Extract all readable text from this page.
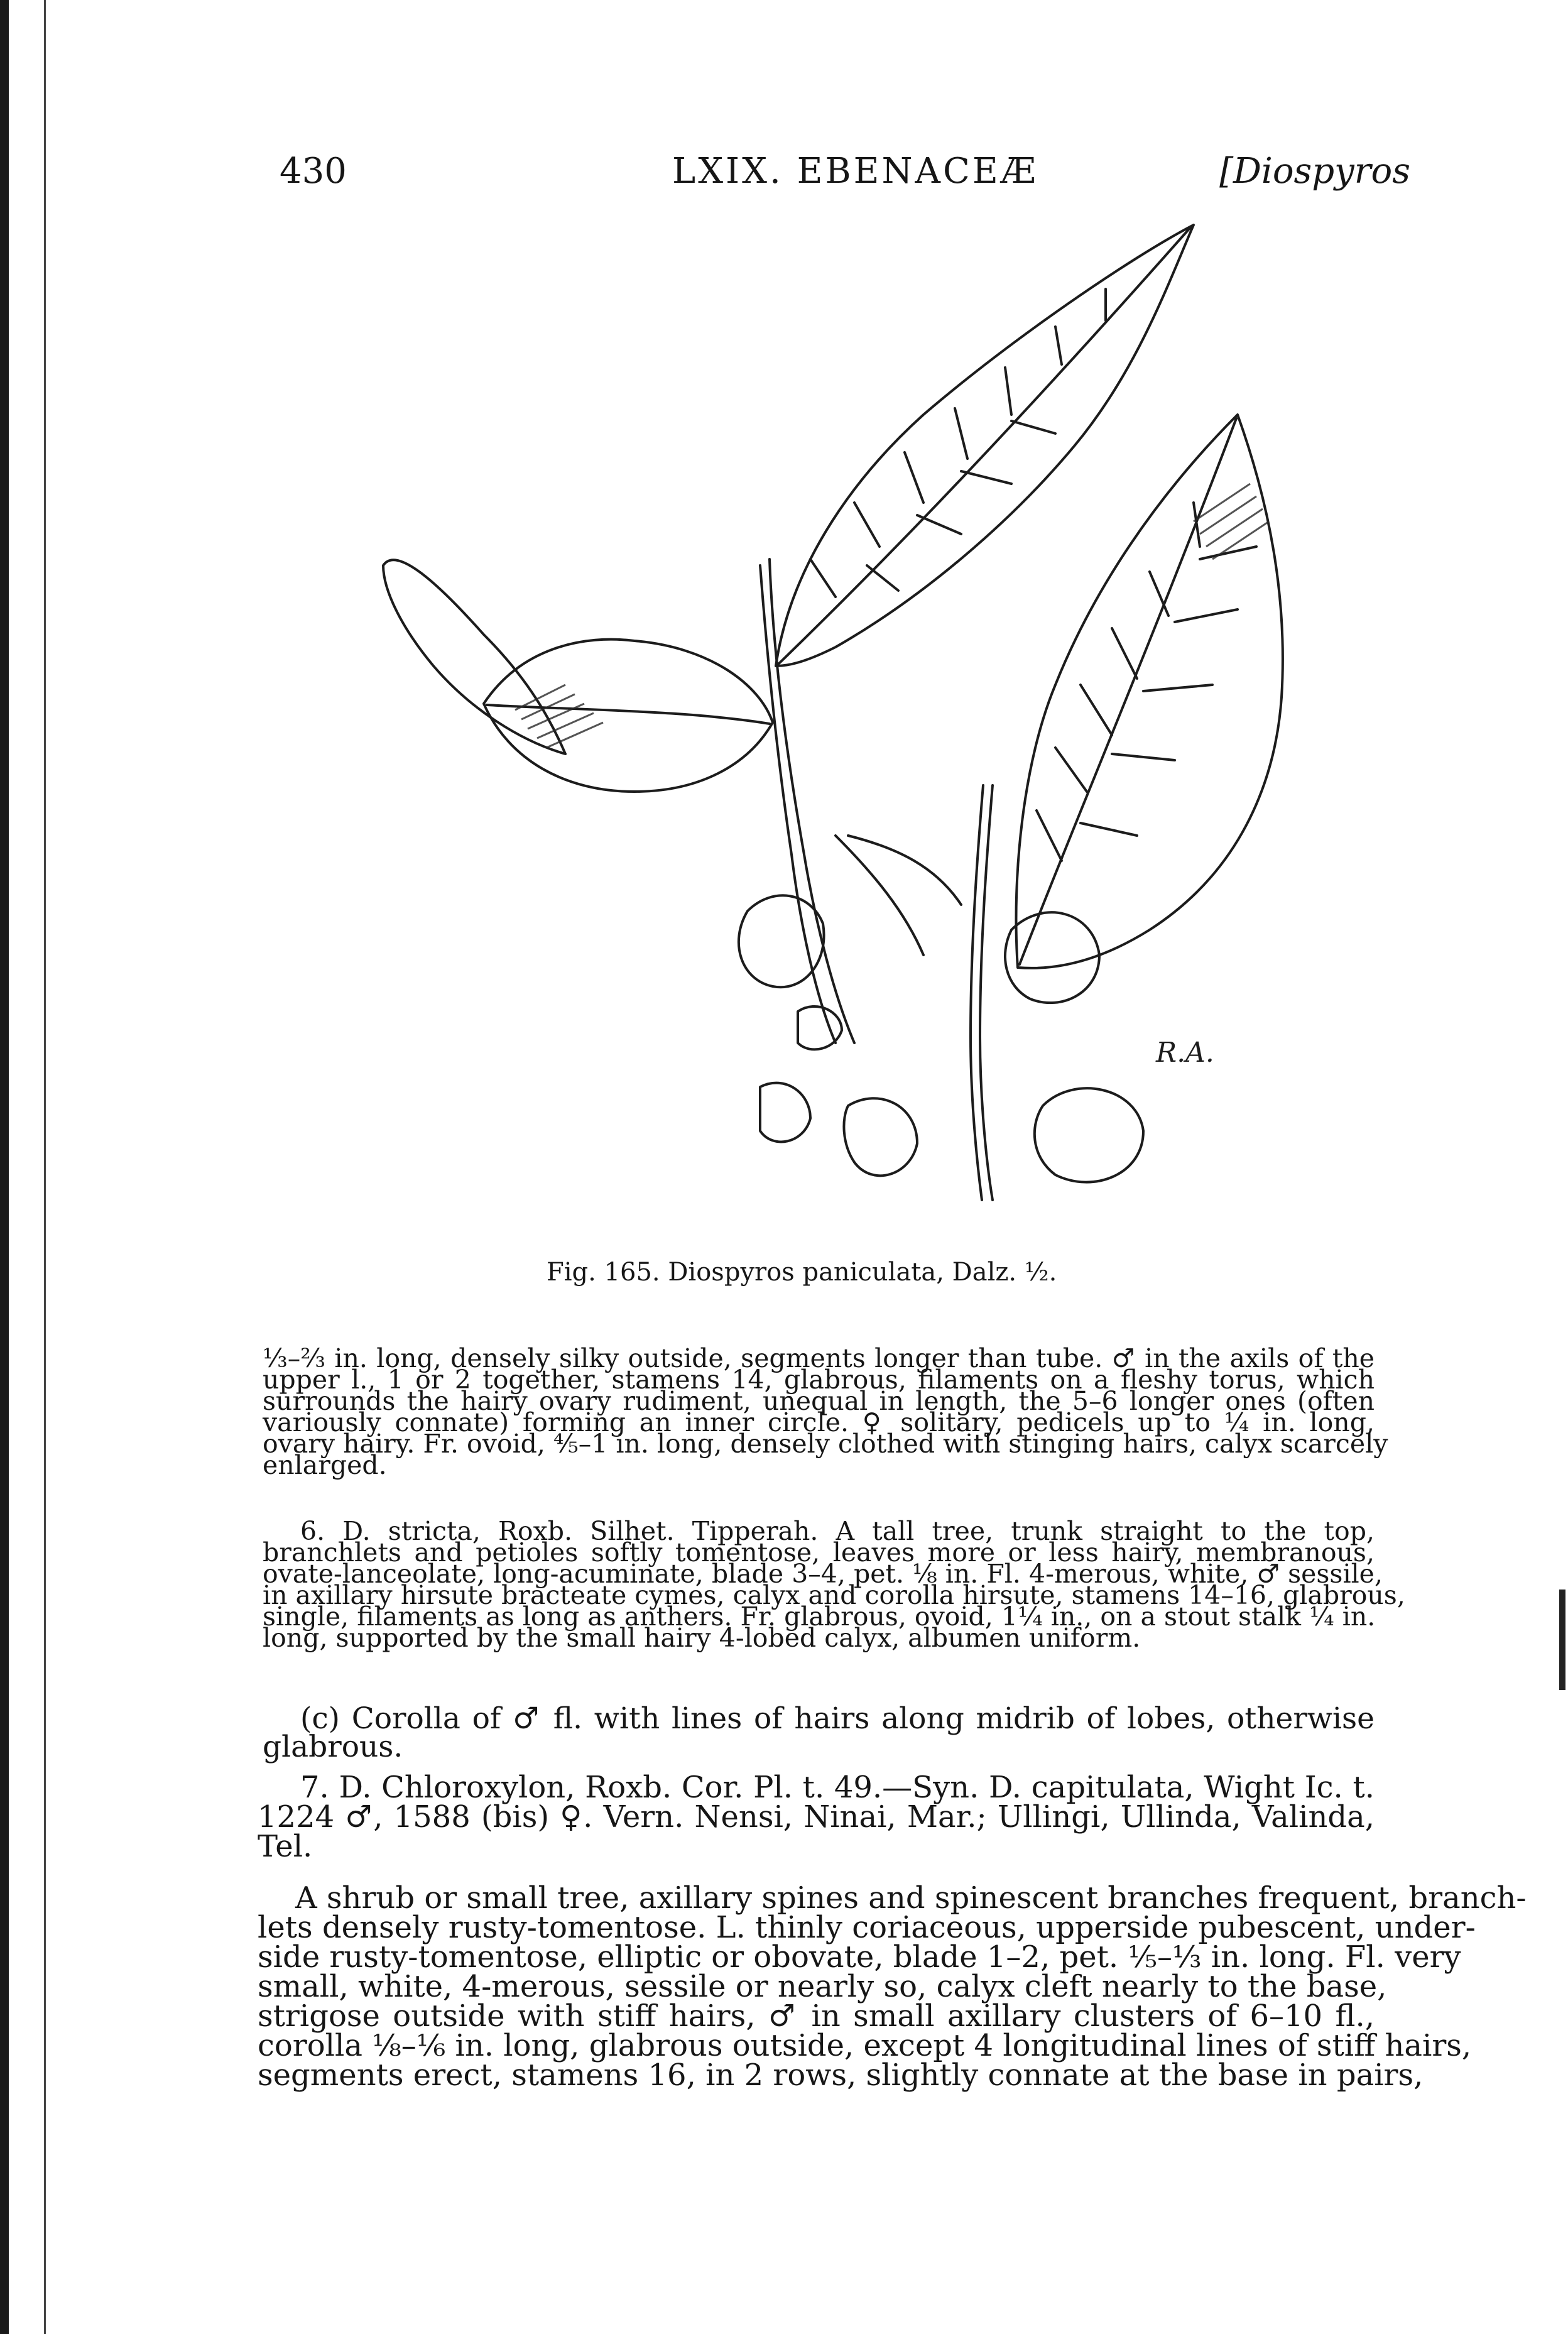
430	LXIX. EBENACEÆ	[Diospyros
R.A.
Fig. 165. Diospyros paniculata, Dalz. ½.
⅓–⅔ in. long, densely silky outside, segments longer than tube. ♂ in the axils of the
upper l., 1 or 2 together, stamens 14, glabrous, filaments on a fleshy torus, which
surrounds the hairy ovary rudiment, unequal in length, the 5–6 longer ones (often
variously connate) forming an inner circle. ♀ solitary, pedicels up to ¼ in. long,
ovary hairy. Fr. ovoid, ⅘–1 in. long, densely clothed with stinging hairs, calyx scarcely
enlarged.
6. D. stricta, Roxb. Silhet. Tipperah. A tall tree, trunk straight to the top,
branchlets and petioles softly tomentose, leaves more or less hairy, membranous,
ovate-lanceolate, long-acuminate, blade 3–4, pet. ⅛ in. Fl. 4-merous, white, ♂ sessile,
in axillary hirsute bracteate cymes, calyx and corolla hirsute, stamens 14–16, glabrous,
single, filaments as long as anthers. Fr. glabrous, ovoid, 1¼ in., on a stout stalk ¼ in.
long, supported by the small hairy 4-lobed calyx, albumen uniform.
(c) Corolla of ♂ fl. with lines of hairs along midrib of lobes, otherwise
glabrous.
7. D. Chloroxylon, Roxb. Cor. Pl. t. 49.—Syn. D. capitulata, Wight Ic. t.
1224 ♂, 1588 (bis) ♀. Vern. Nensi, Ninai, Mar.; Ullingi, Ullinda, Valinda,
Tel.
A shrub or small tree, axillary spines and spinescent branches frequent, branch-
lets densely rusty-tomentose. L. thinly coriaceous, upperside pubescent, under-
side rusty-tomentose, elliptic or obovate, blade 1–2, pet. ⅕–⅓ in. long. Fl. very
small, white, 4-merous, sessile or nearly so, calyx cleft nearly to the base,
strigose outside with stiff hairs, ♂ in small axillary clusters of 6–10 fl.,
corolla ⅛–⅙ in. long, glabrous outside, except 4 longitudinal lines of stiff hairs,
segments erect, stamens 16, in 2 rows, slightly connate at the base in pairs,
